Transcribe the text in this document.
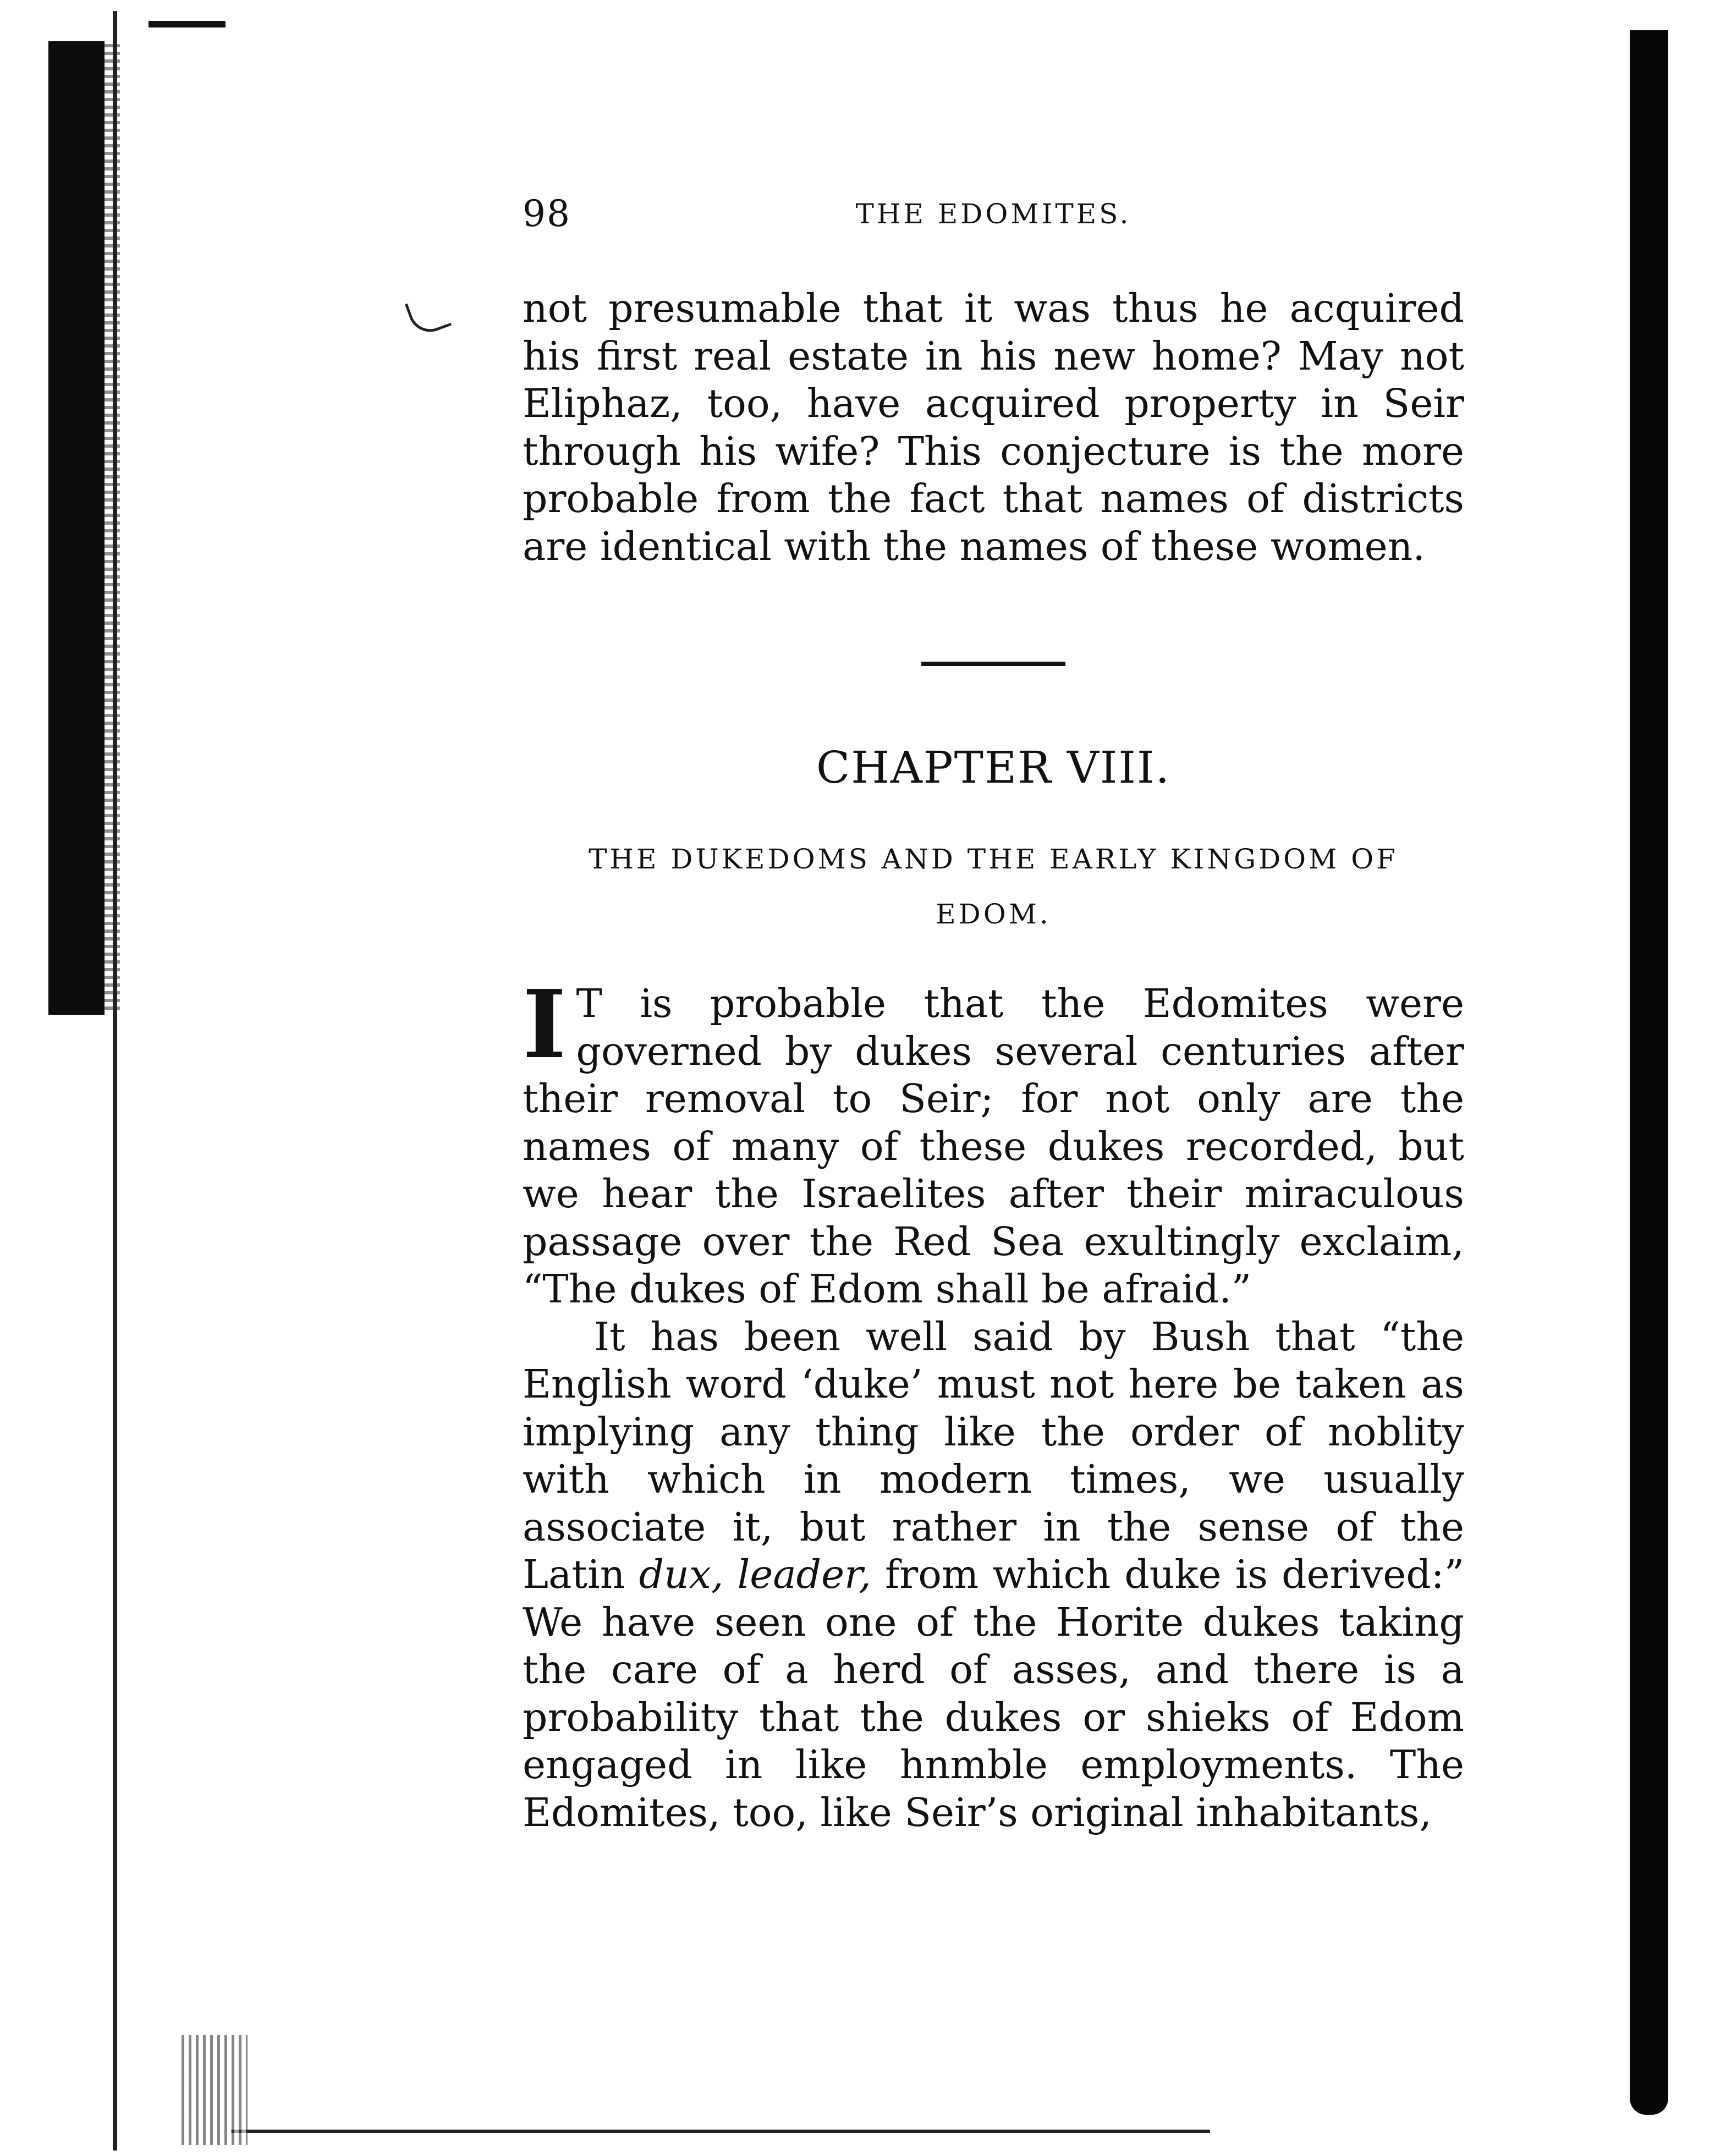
98	THE EDOMITES.

not presumable that it was thus he acquired his first real estate in his new home? May not Eliphaz, too, have acquired property in Seir through his wife? This conjecture is the more probable from the fact that names of districts are identical with the names of these women.

CHAPTER VIII.
THE DUKEDOMS AND THE EARLY KINGDOM OF EDOM.

I T is probable that the Edomites were governed by dukes several centuries after their removal to Seir; for not only are the names of many of these dukes recorded, but we hear the Israelites after their miraculous passage over the Red Sea exultingly exclaim, “The dukes of Edom shall be afraid.”

It has been well said by Bush that “the English word ‘duke’ must not here be taken as implying any thing like the order of noblity with which in modern times, we usually associate it, but rather in the sense of the Latin dux, leader, from which duke is derived:” We have seen one of the Horite dukes taking the care of a herd of asses, and there is a probability that the dukes or shieks of Edom engaged in like hnmble employments. The Edomites, too, like Seir’s original inhabitants,
